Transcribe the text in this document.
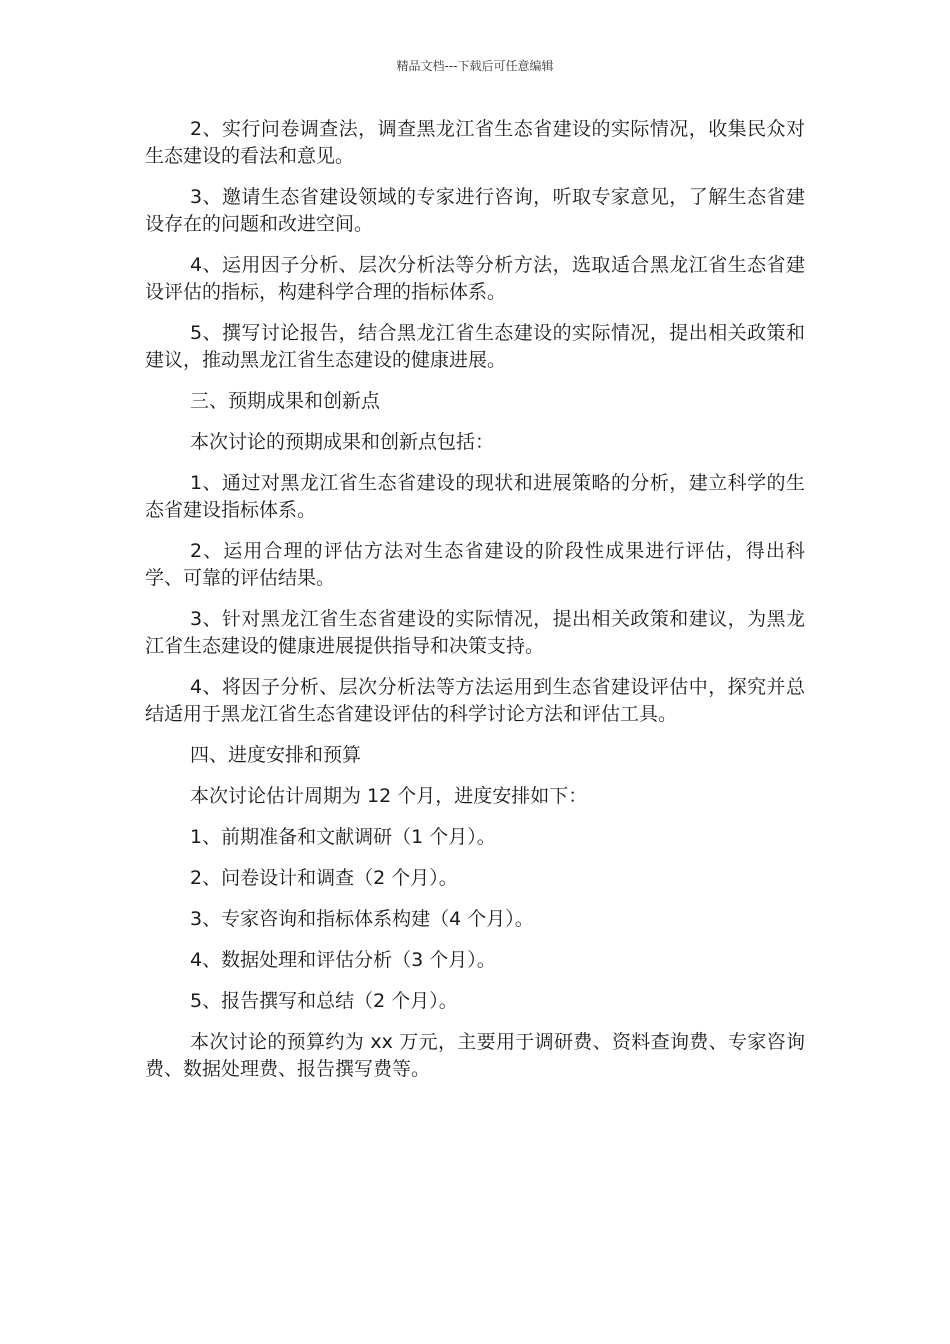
精品文档---下载后可任意编辑

2、实行问卷调查法，调查黑龙江省生态省建设的实际情况，收集民众对生态建设的看法和意见。

3、邀请生态省建设领域的专家进行咨询，听取专家意见，了解生态省建设存在的问题和改进空间。

4、运用因子分析、层次分析法等分析方法，选取适合黑龙江省生态省建设评估的指标，构建科学合理的指标体系。

5、撰写讨论报告，结合黑龙江省生态建设的实际情况，提出相关政策和建议，推动黑龙江省生态建设的健康进展。

三、预期成果和创新点

本次讨论的预期成果和创新点包括：

1、通过对黑龙江省生态省建设的现状和进展策略的分析，建立科学的生态省建设指标体系。

2、运用合理的评估方法对生态省建设的阶段性成果进行评估，得出科学、可靠的评估结果。

3、针对黑龙江省生态省建设的实际情况，提出相关政策和建议，为黑龙江省生态建设的健康进展提供指导和决策支持。

4、将因子分析、层次分析法等方法运用到生态省建设评估中，探究并总结适用于黑龙江省生态省建设评估的科学讨论方法和评估工具。

四、进度安排和预算

本次讨论估计周期为 12 个月，进度安排如下：

1、前期准备和文献调研（1 个月）。

2、问卷设计和调查（2 个月）。

3、专家咨询和指标体系构建（4 个月）。

4、数据处理和评估分析（3 个月）。

5、报告撰写和总结（2 个月）。

本次讨论的预算约为 xx 万元，主要用于调研费、资料查询费、专家咨询费、数据处理费、报告撰写费等。
